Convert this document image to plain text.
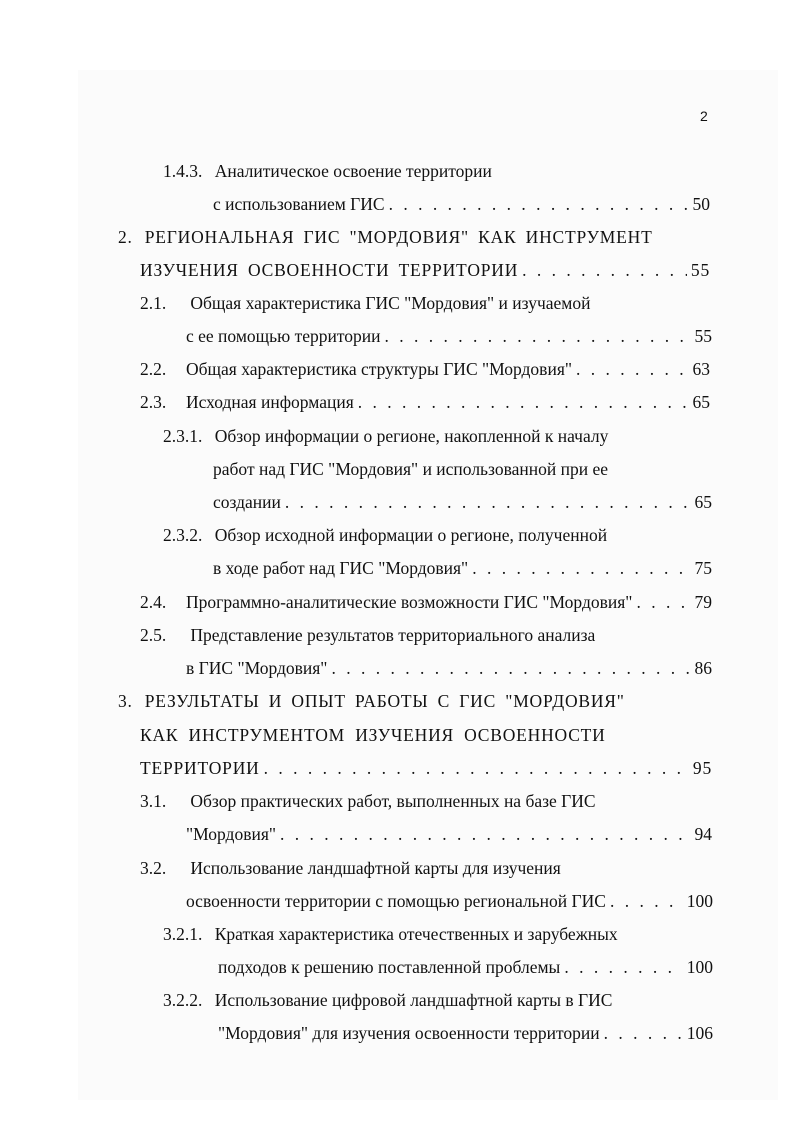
2
1.4.3. Аналитическое освоение территории
с использованием ГИС . . .	50
2. РЕГИОНАЛЬНАЯ ГИС "МОРДОВИЯ" КАК ИНСТРУМЕНТ
ИЗУЧЕНИЯ ОСВОЕННОСТИ ТЕРРИТОРИИ . . .	55
2.1. Общая характеристика ГИС "Мордовия" и изучаемой
с ее помощью территории . . .	55
2.2.	Общая характеристика структуры ГИС "Мордовия" . . .	63
2.3.	Исходная информация . . .	65
2.3.1. Обзор информации о регионе, накопленной к началу
работ над ГИС "Мордовия" и использованной при ее
создании . . .	65
2.3.2. Обзор исходной информации о регионе, полученной
в ходе работ над ГИС "Мордовия" . . .	75
2.4.	Программно-аналитические возможности ГИС "Мордовия" . . .	79
2.5. Представление результатов территориального анализа
в ГИС "Мордовия" . . .	86
3. РЕЗУЛЬТАТЫ И ОПЫТ РАБОТЫ С ГИС "МОРДОВИЯ"
КАК ИНСТРУМЕНТОМ ИЗУЧЕНИЯ ОСВОЕННОСТИ
ТЕРРИТОРИИ . . .	95
3.1. Обзор практических работ, выполненных на базе ГИС
"Мордовия" . . .	94
3.2. Использование ландшафтной карты для изучения
освоенности территории с помощью региональной ГИС . . .	100
3.2.1. Краткая характеристика отечественных и зарубежных
подходов к решению поставленной проблемы . . .	100
3.2.2. Использование цифровой ландшафтной карты в ГИС
"Мордовия" для изучения освоенности территории . . .	106
